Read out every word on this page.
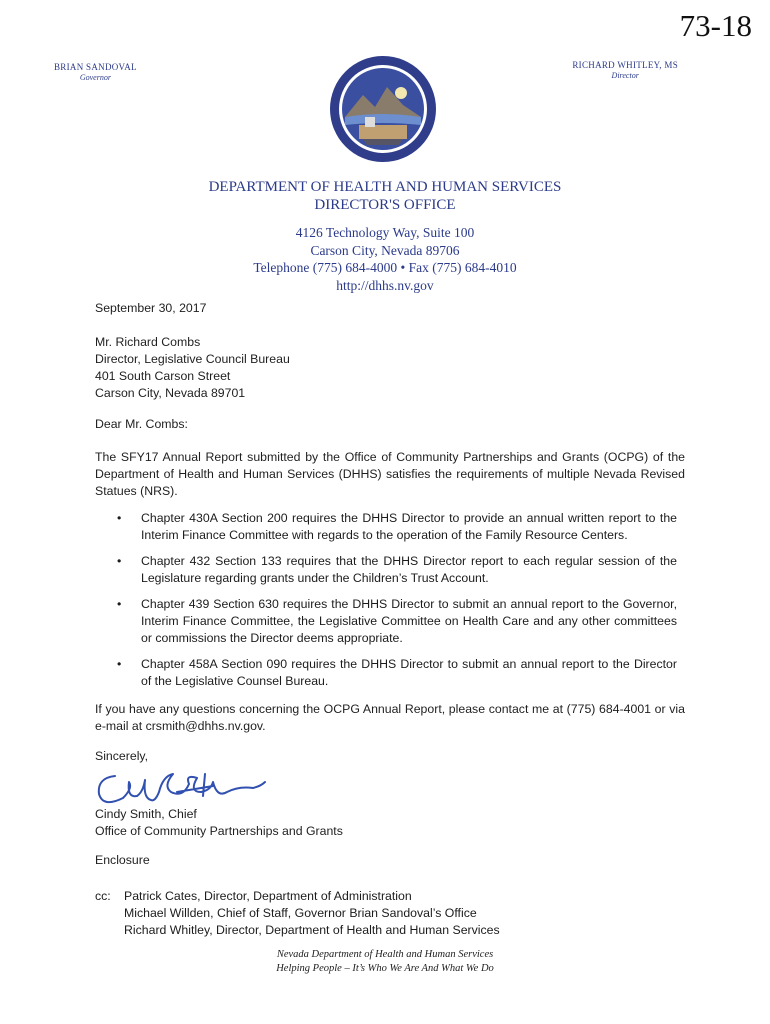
73-18
BRIAN SANDOVAL
Governor
RICHARD WHITLEY, MS
Director
DEPARTMENT OF HEALTH AND HUMAN SERVICES
DIRECTOR'S OFFICE
4126 Technology Way, Suite 100
Carson City, Nevada 89706
Telephone (775) 684-4000 • Fax (775) 684-4010
http://dhhs.nv.gov
September 30, 2017
Mr. Richard Combs
Director, Legislative Council Bureau
401 South Carson Street
Carson City, Nevada 89701
Dear Mr. Combs:
The SFY17 Annual Report submitted by the Office of Community Partnerships and Grants (OCPG) of the Department of Health and Human Services (DHHS) satisfies the requirements of multiple Nevada Revised Statues (NRS).
• Chapter 430A Section 200 requires the DHHS Director to provide an annual written report to the Interim Finance Committee with regards to the operation of the Family Resource Centers.
• Chapter 432 Section 133 requires that the DHHS Director report to each regular session of the Legislature regarding grants under the Children’s Trust Account.
• Chapter 439 Section 630 requires the DHHS Director to submit an annual report to the Governor, Interim Finance Committee, the Legislative Committee on Health Care and any other committees or commissions the Director deems appropriate.
• Chapter 458A Section 090 requires the DHHS Director to submit an annual report to the Director of the Legislative Counsel Bureau.
If you have any questions concerning the OCPG Annual Report, please contact me at (775) 684-4001 or via e-mail at crsmith@dhhs.nv.gov.
Sincerely,
Cindy Smith, Chief
Office of Community Partnerships and Grants
Enclosure
cc: Patrick Cates, Director, Department of Administration
Michael Willden, Chief of Staff, Governor Brian Sandoval’s Office
Richard Whitley, Director, Department of Health and Human Services
Nevada Department of Health and Human Services
Helping People – It’s Who We Are And What We Do
